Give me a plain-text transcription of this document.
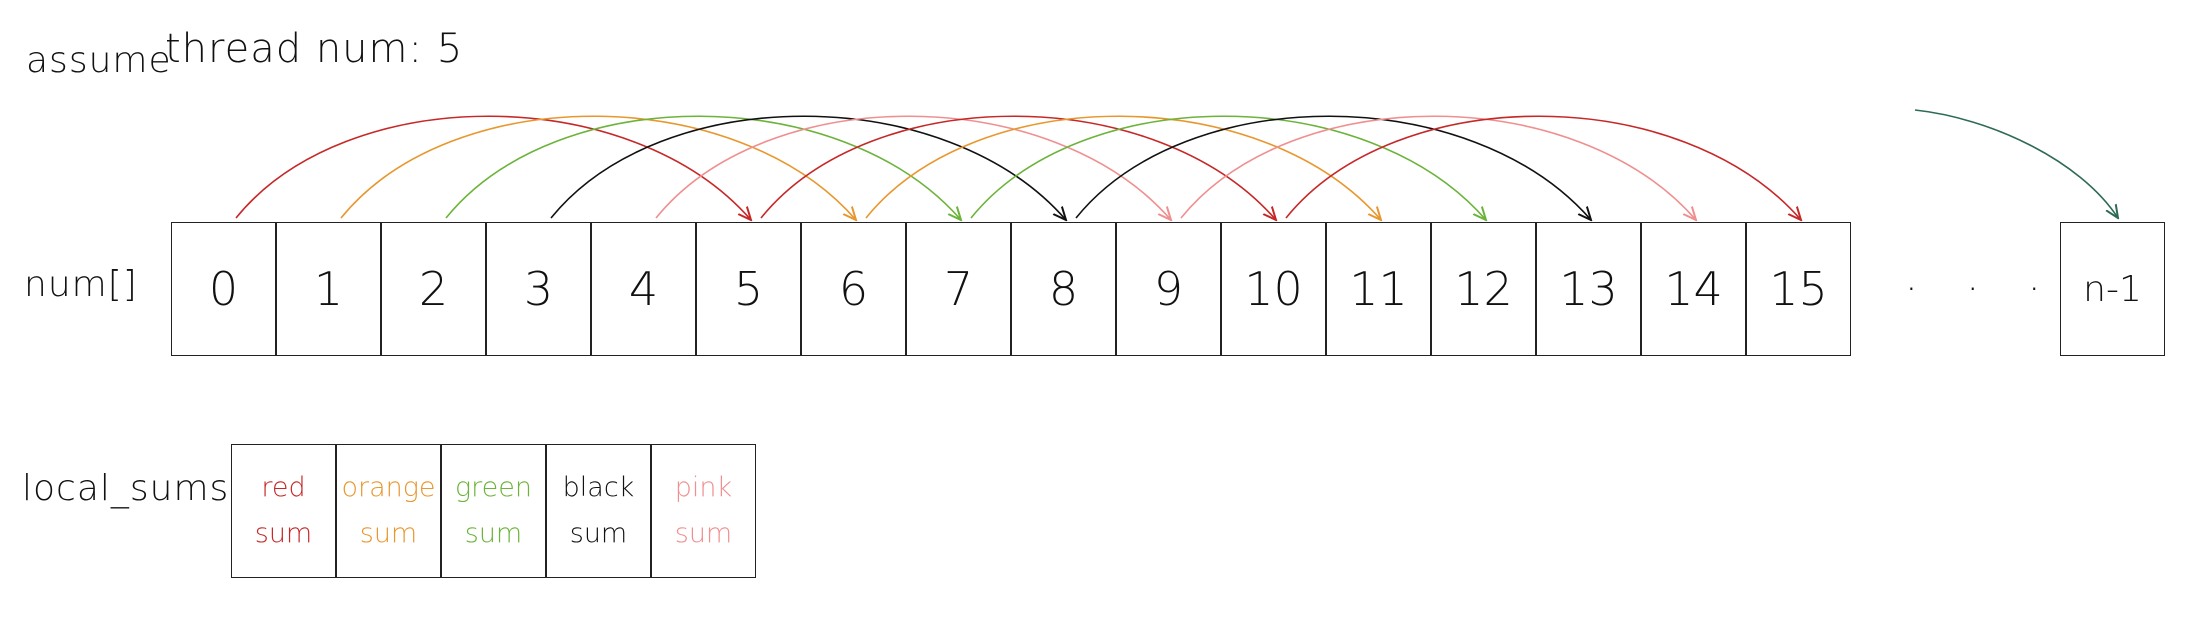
assume
thread num: 5
num[]
local_sums
0	1	2	3	4	5	6	7	8	9	10	11	12	13	14	15	. . . n-1
red
sum
orange
sum
green
sum
black
sum
pink
sum
